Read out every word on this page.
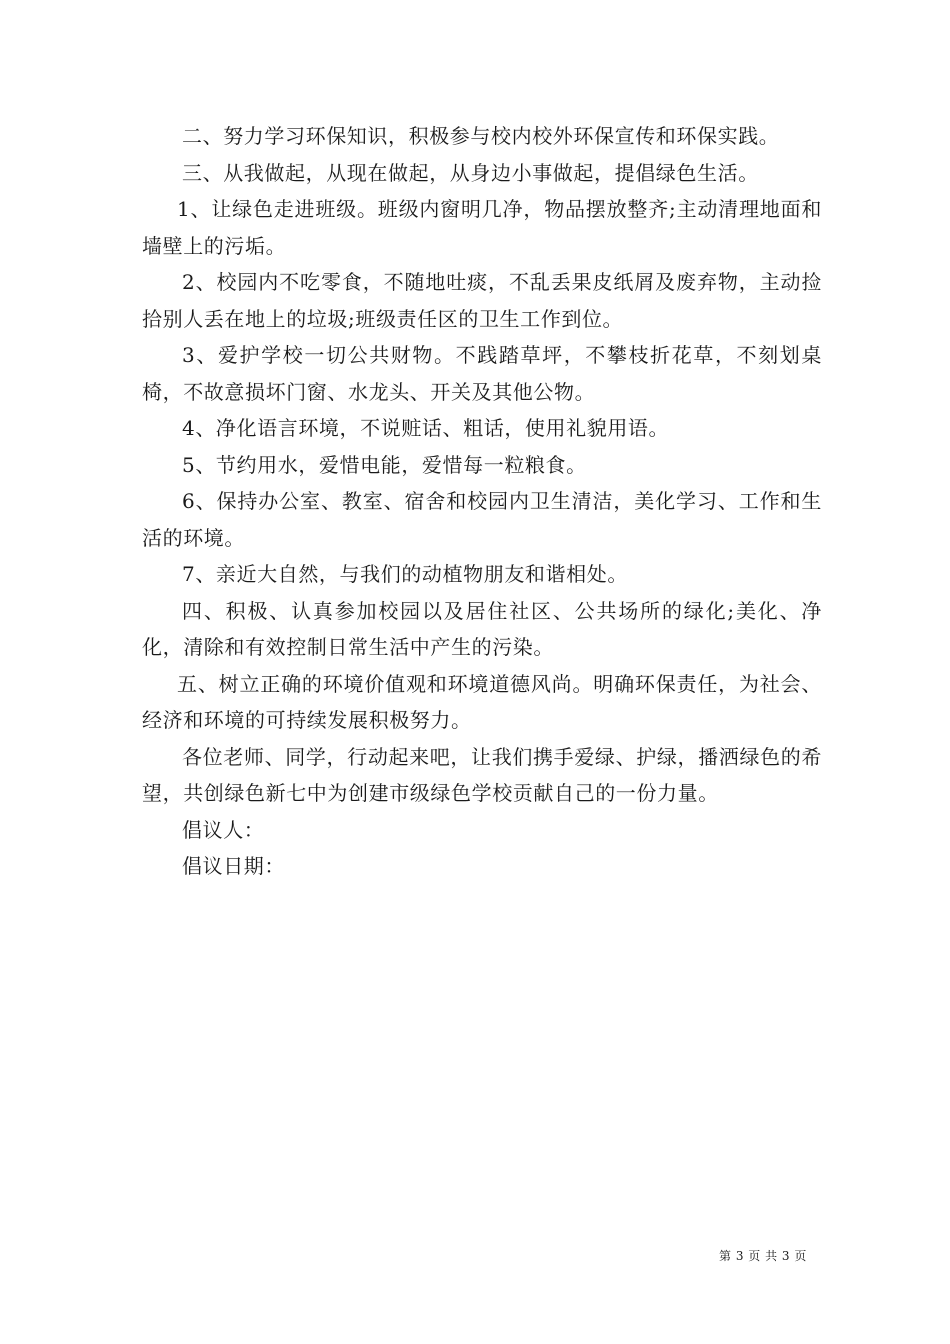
二、努力学习环保知识，积极参与校内校外环保宣传和环保实践。

三、从我做起，从现在做起，从身边小事做起，提倡绿色生活。

1、让绿色走进班级。班级内窗明几净，物品摆放整齐;主动清理地面和墙壁上的污垢。

2、校园内不吃零食，不随地吐痰，不乱丢果皮纸屑及废弃物，主动捡拾别人丢在地上的垃圾;班级责任区的卫生工作到位。

3、爱护学校一切公共财物。不践踏草坪，不攀枝折花草，不刻划桌椅，不故意损坏门窗、水龙头、开关及其他公物。

4、净化语言环境，不说赃话、粗话，使用礼貌用语。

5、节约用水，爱惜电能，爱惜每一粒粮食。

6、保持办公室、教室、宿舍和校园内卫生清洁，美化学习、工作和生活的环境。

7、亲近大自然，与我们的动植物朋友和谐相处。

四、积极、认真参加校园以及居住社区、公共场所的绿化;美化、净化，清除和有效控制日常生活中产生的污染。

五、树立正确的环境价值观和环境道德风尚。明确环保责任，为社会、经济和环境的可持续发展积极努力。

各位老师、同学，行动起来吧，让我们携手爱绿、护绿，播洒绿色的希望，共创绿色新七中为创建市级绿色学校贡献自己的一份力量。

倡议人：

倡议日期：

第 3 页 共 3 页
